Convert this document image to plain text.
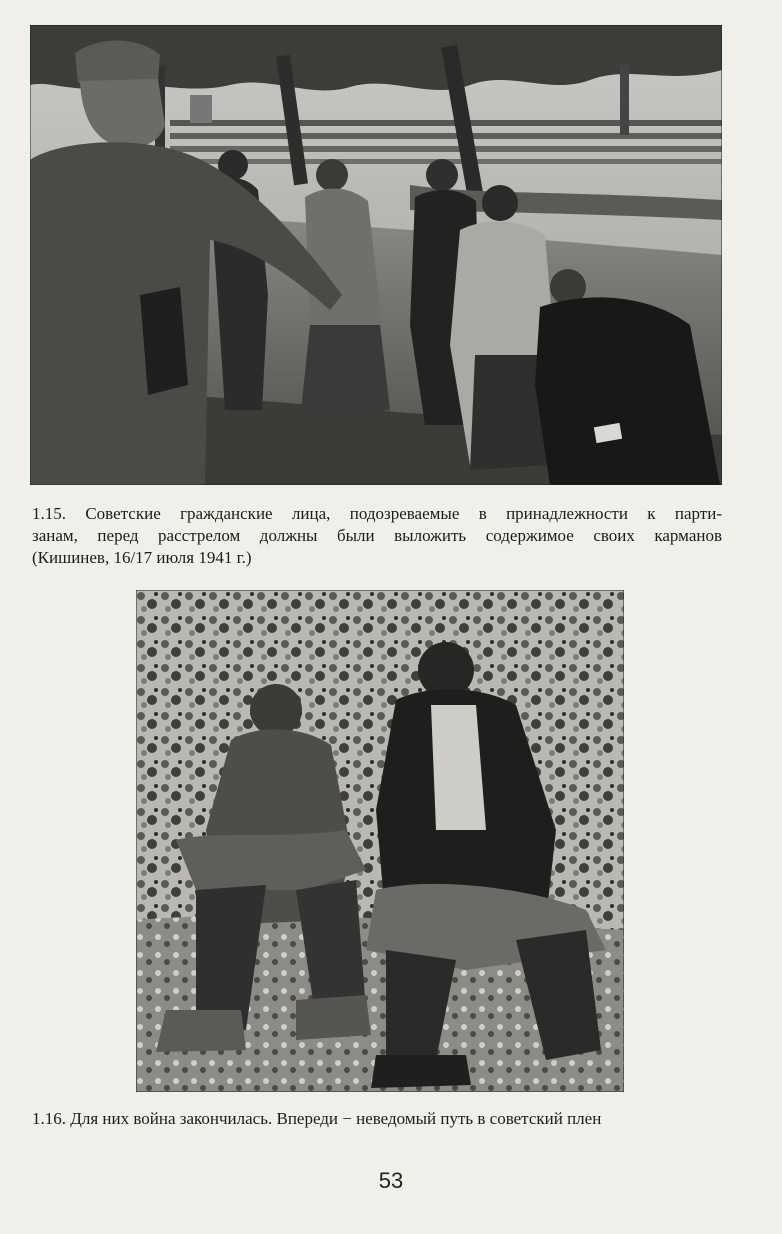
1.15. Советские гражданские лица, подозреваемые в принадлежности к парти-
занам, перед расстрелом должны были выложить содержимое своих карманов
(Кишинев, 16/17 июля 1941 г.)

1.16. Для них война закончилась. Впереди − неведомый путь в советский плен

53
